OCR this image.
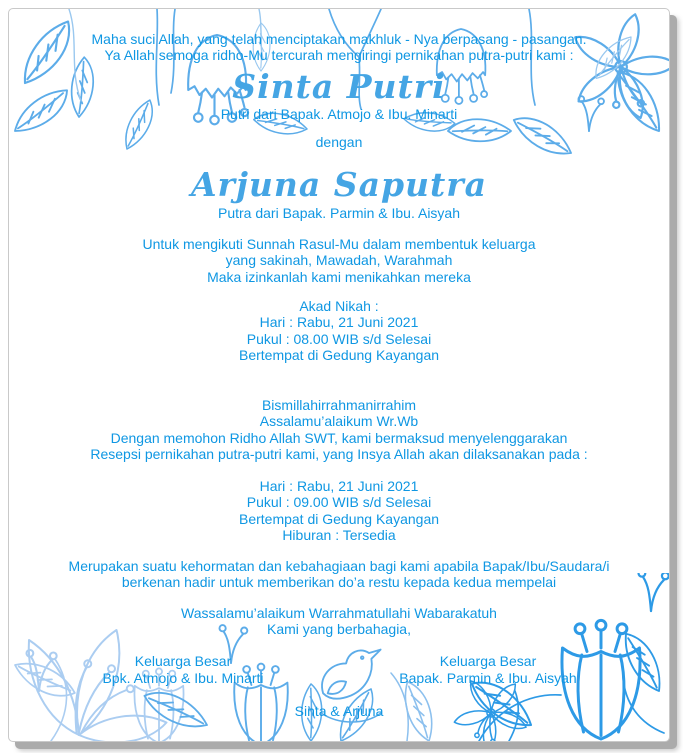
Maha suci Allah, yang telah menciptakan makhluk - Nya berpasang - pasangan.
Ya Allah semoga ridho-Mu tercurah mengiringi pernikahan putra-putri kami :
Sinta Putri
Putri dari Bapak. Atmojo & Ibu. Minarti
dengan
Arjuna Saputra
Putra dari Bapak. Parmin & Ibu. Aisyah
Untuk mengikuti Sunnah Rasul-Mu dalam membentuk keluarga
yang sakinah, Mawadah, Warahmah
Maka izinkanlah kami menikahkan mereka
Akad Nikah :
Hari : Rabu, 21 Juni 2021
Pukul : 08.00 WIB s/d Selesai
Bertempat di Gedung Kayangan
Bismillahirrahmanirrahim
Assalamu’alaikum Wr.Wb
Dengan memohon Ridho Allah SWT, kami bermaksud menyelenggarakan
Resepsi pernikahan putra-putri kami, yang Insya Allah akan dilaksanakan pada :
Hari : Rabu, 21 Juni 2021
Pukul : 09.00 WIB s/d Selesai
Bertempat di Gedung Kayangan
Hiburan : Tersedia
Merupakan suatu kehormatan dan kebahagiaan bagi kami apabila Bapak/Ibu/Saudara/i
berkenan hadir untuk memberikan do’a restu kepada kedua mempelai
Wassalamu’alaikum Warrahmatullahi Wabarakatuh
Kami yang berbahagia,
Keluarga Besar
Bpk. Atmojo & Ibu. Minarti
Keluarga Besar
Bapak. Parmin & Ibu. Aisyah
Sinta & Arjuna
